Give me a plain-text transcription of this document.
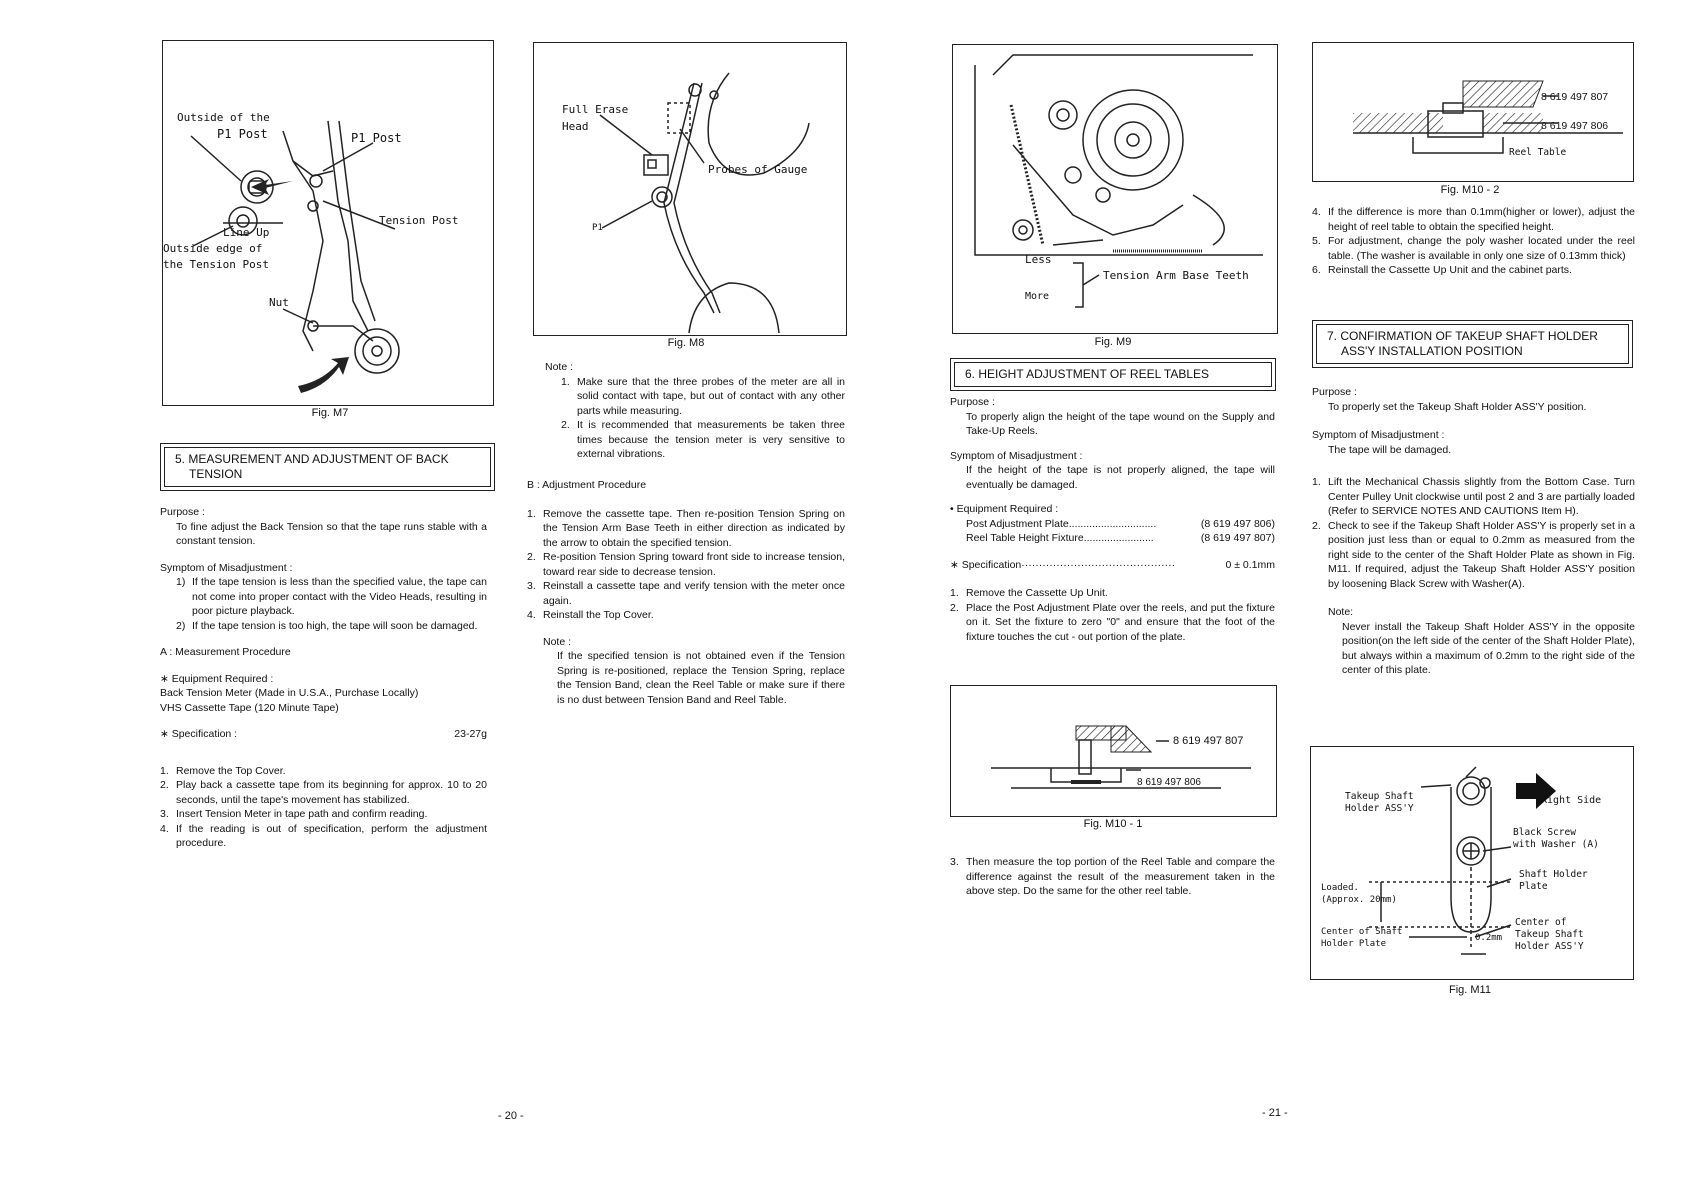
Outside of the
P1 Post	P1 Post
Tension Post
Line Up
Outside edge of
the Tension Post
Nut
Fig. M7
5. MEASUREMENT AND ADJUSTMENT OF BACK
TENSION
Purpose :
To fine adjust the Back Tension so that the tape runs stable with a constant tension.
Symptom of Misadjustment :
1) If the tape tension is less than the specified value, the tape can not come into proper contact with the Video Heads, resulting in poor picture playback.
2) If the tape tension is too high, the tape will soon be damaged.
A : Measurement Procedure
∗ Equipment Required :
Back Tension Meter (Made in U.S.A., Purchase Locally)
VHS Cassette Tape (120 Minute Tape)
∗ Specification :	23-27g
1. Remove the Top Cover.
2. Play back a cassette tape from its beginning for approx. 10 to 20 seconds, until the tape's movement has stabilized.
3. Insert Tension Meter in tape path and confirm reading.
4. If the reading is out of specification, perform the adjustment procedure.
Full Erase
Head
Probes of Gauge
P1
Fig. M8
Note :
1. Make sure that the three probes of the meter are all in solid contact with tape, but out of contact with any other parts while measuring.
2. It is recommended that measurements be taken three times because the tension meter is very sensitive to external vibrations.
B : Adjustment Procedure
1. Remove the cassette tape. Then re-position Tension Spring on the Tension Arm Base Teeth in either direction as indicated by the arrow to obtain the specified tension.
2. Re-position Tension Spring toward front side to increase tension, toward rear side to decrease tension.
3. Reinstall a cassette tape and verify tension with the meter once again.
4. Reinstall the Top Cover.
Note :
If the specified tension is not obtained even if the Tension Spring is re-positioned, replace the Tension Spring, replace the Tension Band, clean the Reel Table or make sure if there is no dust between Tension Band and Reel Table.
- 20 -
Less
More
Tension Arm Base Teeth
Fig. M9
6. HEIGHT ADJUSTMENT OF REEL TABLES
Purpose :
To properly align the height of the tape wound on the Supply and Take-Up Reels.
Symptom of Misadjustment :
If the height of the tape is not properly aligned, the tape will eventually be damaged.
• Equipment Required :
Post Adjustment Plate ..............................	(8 619 497 806)
Reel Table Height Fixture ........................	(8 619 497 807)
∗ Specification ············································	0 ± 0.1mm
1. Remove the Cassette Up Unit.
2. Place the Post Adjustment Plate over the reels, and put the fixture on it. Set the fixture to zero "0" and ensure that the foot of the fixture touches the cut - out portion of the plate.
8 619 497 807
8 619 497 806
Fig. M10 - 1
3. Then measure the top portion of the Reel Table and compare the difference against the result of the measurement taken in the above step. Do the same for the other reel table.
- 21 -
8 619 497 807
8 619 497 806
Reel Table
Fig. M10 - 2
4. If the difference is more than 0.1mm(higher or lower), adjust the height of reel table to obtain the specified height.
5. For adjustment, change the poly washer located under the reel table. (The washer is available in only one size of 0.13mm thick)
6. Reinstall the Cassette Up Unit and the cabinet parts.
7. CONFIRMATION OF TAKEUP SHAFT HOLDER
ASS'Y INSTALLATION POSITION
Purpose :
To properly set the Takeup Shaft Holder ASS'Y position.
Symptom of Misadjustment :
The tape will be damaged.
1. Lift the Mechanical Chassis slightly from the Bottom Case. Turn Center Pulley Unit clockwise until post 2 and 3 are partially loaded (Refer to SERVICE NOTES AND CAUTIONS Item H).
2. Check to see if the Takeup Shaft Holder ASS'Y is properly set in a position just less than or equal to 0.2mm as measured from the right side to the center of the Shaft Holder Plate as shown in Fig. M11. If required, adjust the Takeup Shaft Holder ASS'Y position by loosening Black Screw with Washer(A).
Note:
Never install the Takeup Shaft Holder ASS'Y in the opposite position(on the left side of the center of the Shaft Holder Plate), but always within a maximum of 0.2mm to the right side of the center of this plate.
Takeup Shaft
Holder ASS'Y
Right Side
Black Screw
with Washer (A)
Shaft Holder
Plate
Loaded.
(Approx. 20mm)
Center of Shaft
Holder Plate
0.2mm
Center of
Takeup Shaft
Holder ASS'Y
Fig. M11
